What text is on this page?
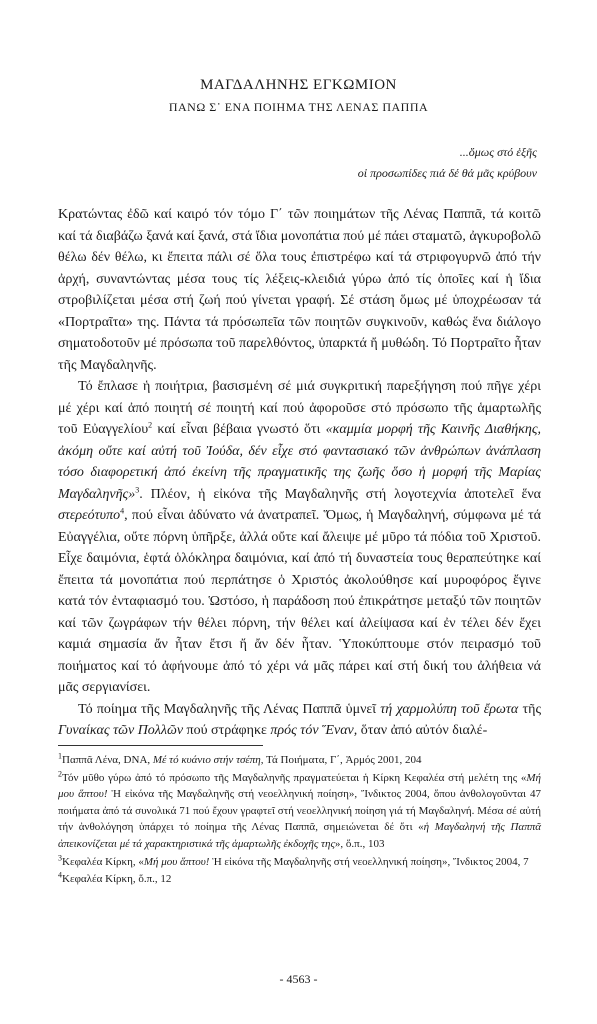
ΜΑΓΔΑΛΗΝΗΣ ΕΓΚΩΜΙΟΝ
ΠΑΝΩ Σ᾽ ΕΝΑ ΠΟΙΗΜΑ ΤΗΣ ΛΕΝΑΣ ΠΑΠΠΑ
...ὅμως στό ἑξῆς
οἱ προσωπίδες πιά δέ θά μᾶς κρύβουν

Κρατώντας ἐδῶ καί καιρό τόν τόμο Γ΄ τῶν ποιημάτων τῆς Λένας Παππᾶ, τά κοιτῶ καί τά διαβάζω ξανά καί ξανά, στά ἴδια μονοπάτια πού μέ πάει σταματῶ, ἀγκυροβολῶ θέλω δέν θέλω, κι ἔπειτα πάλι σέ ὅλα τους ἐπιστρέφω καί τά στριφογυρνῶ ἀπό τήν ἀρχή, συναντώντας μέσα τους τίς λέξεις-κλειδιά γύρω ἀπό τίς ὁποῖες καί ἡ ἴδια στροβιλίζεται μέσα στή ζωή πού γίνεται γραφή. Σέ στάση ὅμως μέ ὑποχρέωσαν τά «Πορτραῖτα» της. Πάντα τά πρόσωπεῖα τῶν ποιητῶν συγκινοῦν, καθώς ἕνα διάλογο σηματοδοτοῦν μέ πρόσωπα τοῦ παρελθόντος, ὑπαρκτά ἤ μυθώδη. Τό Πορτραῖτο ἦταν τῆς Μαγδαληνῆς.

Τό ἔπλασε ἡ ποιήτρια, βασισμένη σέ μιά συγκριτική παρεξήγηση πού πῆγε χέρι μέ χέρι καί ἀπό ποιητή σέ ποιητή καί πού ἀφοροῦσε στό πρόσωπο τῆς ἁμαρτωλῆς τοῦ Εὐαγγελίου$^2$ καί εἶναι βέβαια γνωστό ὅτι «καμμία μορφή τῆς Καινῆς Διαθήκης, ἀκόμη οὔτε καί αὐτή τοῦ Ἰούδα, δέν εἶχε στό φαντασιακό τῶν ἀνθρώπων ἀνάπλαση τόσο διαφορετική ἀπό ἐκείνη τῆς πραγματικῆς της ζωῆς ὅσο ἡ μορφή τῆς Μαρίας Μαγδαληνῆς»$^3$. Πλέον, ἡ εἰκόνα τῆς Μαγδαληνῆς στή λογοτεχνία ἀποτελεῖ ἕνα στερεότυπο$^4$, πού εἶναι ἀδύνατο νά ἀνατραπεῖ. Ὅμως, ἡ Μαγδαληνή, σύμφωνα μέ τά Εὐαγγέλια, οὔτε πόρνη ὑπῆρξε, ἀλλά οὔτε καί ἄλειψε μέ μῦρο τά πόδια τοῦ Χριστοῦ. Εἶχε δαιμόνια, ἑφτά ὁλόκληρα δαιμόνια, καί ἀπό τή δυναστεία τους θεραπεύτηκε καί ἔπειτα τά μονοπάτια πού περπάτησε ὁ Χριστός ἀκολούθησε καί μυροφόρος ἔγινε κατά τόν ἐνταφιασμό του. Ὡστόσο, ἡ παράδοση πού ἐπικράτησε μεταξύ τῶν ποιητῶν καί τῶν ζωγράφων τήν θέλει πόρνη, τήν θέλει καί ἀλείψασα καί ἐν τέλει δέν ἔχει καμιά σημασία ἄν ἦταν ἔτσι ἤ ἄν δέν ἦταν. Ὑποκύπτουμε στόν πειρασμό τοῦ ποιήματος καί τό ἀφήνουμε ἀπό τό χέρι νά μᾶς πάρει καί στή δική του ἀλήθεια νά μᾶς σεργιανίσει.

Τό ποίημα τῆς Μαγδαληνῆς τῆς Λένας Παππᾶ ὑμνεῖ τή χαρμολύπη τοῦ ἔρωτα τῆς Γυναίκας τῶν Πολλῶν πού στράφηκε πρός τόν Ἕναν, ὅταν ἀπό αὐτόν διαλέ-

$^1$Παππᾶ Λένα, DNA, Μέ τό κυάνιο στήν τσέπη, Τά Ποιήματα, Γ΄, Ἁρμός 2001, 204

$^2$Τόν μῦθο γύρω ἀπό τό πρόσωπο τῆς Μαγδαληνῆς πραγματεύεται ἡ Κίρκη Κεφαλέα στή μελέτη της «Μή μου ἅπτου! Ἡ εἰκόνα τῆς Μαγδαληνῆς στή νεοελληνική ποίηση», Ἴνδικτος 2004, ὅπου ἀνθολογοῦνται 47 ποιήματα ἀπό τά συνολικά 71 πού ἔχουν γραφτεῖ στή νεοελληνική ποίηση γιά τή Μαγδαληνή. Μέσα σέ αὐτή τήν ἀνθολόγηση ὑπάρχει τό ποίημα τῆς Λένας Παππᾶ, σημειώνεται δέ ὅτι «ἡ Μαγδαληνή τῆς Παππᾶ ἀπεικονίζεται μέ τά χαρακτηριστικά τῆς ἁμαρτωλῆς ἐκδοχῆς της», ὅ.π., 103

$^3$Κεφαλέα Κίρκη, «Μή μου ἅπτου! Ἡ εἰκόνα τῆς Μαγδαληνῆς στή νεοελληνική ποίηση», Ἴνδικτος 2004, 7

$^4$Κεφαλέα Κίρκη, ὅ.π., 12

- 4563 -
